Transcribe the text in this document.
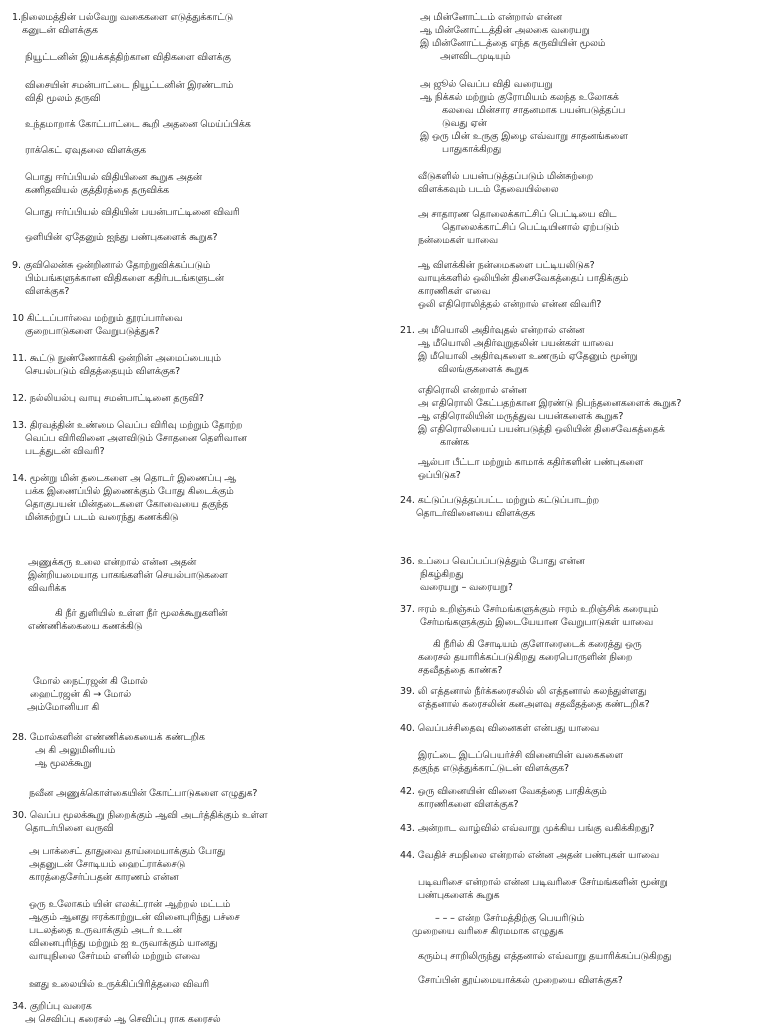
1.நிலைமத்தின் பல்வேறு வகைகளை எடுத்துக்காட்டு
கனுடன் விளக்குக
நியூட்டனின் இயக்கத்திற்கான விதிகளை விளக்கு
விசையின் சமன்பாட்டை நியூட்டனின் இரண்டாம்
விதி மூலம் தருவி
உந்தமாறாக் கோட்பாட்டை கூறி அதனை மெய்ப்பிக்க
ராக்கெட் ஏவுதலை விளக்குக
பொது ஈர்ப்பியல் விதியினை கூறுக அதன்
கணிதவியல் குத்திரத்தை தருவிக்க
பொது ஈர்ப்பியல் விதியின் பயன்பாட்டினை விவரி
ஒளியின் ஏதேனும் ஐந்து பண்புகளைக் கூறுக?
9. குவிலென்சு ஒன்றினால் தோற்றுவிக்கப்படும்
பிம்பங்களுக்கான விதிகளை கதிர்படங்களுடன்
விளக்குக?
10 கிட்டப்பார்வை மற்றும் தூரப்பார்வை
குறைபாடுகளை வேறுபடுத்துக?
11. கூட்டு நுண்ணோக்கி ஒன்றின் அமைப்பையும்
செயல்படும் விதத்தையும் விளக்குக?
12. நல்லியல்பு வாயு சமன்பாட்டினை தருவி?
13. திரவத்தின் உண்மை வெப்ப விரிவு மற்றும் தோற்ற
வெப்ப விரிவினை அளவிடும் சோதனை தெளிவான
படத்துடன் விவரி?
14. மூன்று மின் தடைகளை அ தொடர் இணைப்பு ஆ
பக்க இணைப்பில் இணைக்கும் போது கிடைக்கும்
தொகுபயன் மின்தடைகளை கோவையை தகுந்த
மின்சுற்றுப் படம் வரைந்து கணக்கிடு
அணுக்கரு உலை என்றால் என்ன அதன்
இன்றியமையாத பாகங்களின் செயல்பாடுகளை
விவரிக்க
கி நீர் துளியில் உள்ள நீர் மூலக்கூறுகளின்
எண்ணிக்கையை கணக்கிடு
மோல் நைட்ரஜன் கி மோல்
ஹைட்ரஜன் கி → மோல்
அம்மோனியா கி
28. மோல்களின் எண்ணிக்கையைக் கண்டறிக
அ கி அலுமினியம்
ஆ மூலக்கூறு
நவீன அணுக்கொள்கையின் கோட்பாடுகளை எழுதுக?
30. வெப்ப மூலக்கூறு நிறைக்கும் ஆவி அடர்த்திக்கும் உள்ள
தொடர்பினை வருவி
அ பாக்சைட் தாதுவை தாய்மையாக்கும் போது
அதனுடன் சோடியம் ஹைட்ராக்சைடு
காரத்தைசேர்ப்பதன் காரணம் என்ன
ஒரு உலோகம் யின் எலக்ட்ரான் ஆற்றல் மட்டம்
ஆகும் ஆனது ஈரக்காற்றுடன் வினைபுரிந்து பச்சை
படலத்தை உருவாக்கும் அடர் உடன்
வினைபுரிந்து மற்றும் ஐ உருவாக்கும் யானது
வாயுநிலை சேர்மம் எனில் மற்றும் எவை
ஊது உலையில் உருக்கிப்பிரித்தலை விவரி
34. குறிப்பு வரைக
அ செவிப்பு கரைசல் ஆ செவிப்பு ராக கரைசல்
அ மின்னோட்டம் என்றால் என்ன
ஆ மின்னோட்டத்தின் அலகை வரையறு
இ மின்னோட்டத்தை எந்த கருவியின் மூலம்
அளவிடமுடியும்
அ ஜூல் வெப்ப விதி வரையறு
ஆ நிக்கல் மற்றும் குரோமியம் கலந்த உலோகக்
கலவை மின்சார சாதனமாக பயன்படுத்தப்ப
டுவது ஏன்
இ ஒரு மின் உருகு இழை எவ்வாறு சாதனங்களை
பாதுகாக்கிறது
வீடுகளில் பயன்படுத்தப்படும் மின்சுற்றை
விளக்கவும் படம் தேவையில்லை
அ சாதாரண தொலைக்காட்சிப் பெட்டியை விட
தொலைக்காட்சிப் பெட்டியினால் ஏற்படும்
நன்மைகள் யாவை
ஆ விளக்கின் நன்மைகளை பட்டியலிடுக?
வாயுக்களில் ஒலியின் திசைவேகத்தைப் பாதிக்கும்
காரணிகள் எவை
ஒலி எதிரொலித்தல் என்றால் என்ன விவரி?
21. அ மீயொலி அதிர்வுதல் என்றால் என்ன
ஆ மீயொலி அதிர்வுறுதலின் பயன்கள் யாவை
இ மீயொலி அதிர்வுகளை உணரும் ஏதேனும் மூன்று
விலங்குகளைக் கூறுக
எதிரொலி என்றால் என்ன
அ எதிரொலி கேட்பதற்கான இரண்டு நிபந்தனைகளைக் கூறுக?
ஆ எதிரொலியின் மருத்துவ பயன்களைக் கூறுக?
இ எதிரொலியைப் பயன்படுத்தி ஒலியின் திசைவேகத்தைக்
காண்க
ஆல்பா பீட்டா மற்றும் காமாக் கதிர்களின் பண்புகளை
ஒப்பிடுக?
24. கட்டுப்படுத்தப்பட்ட மற்றும் கட்டுப்பாடற்ற
தொடர்வினையை விளக்குக
36. உப்பை வெப்பப்படுத்தும் போது என்ன
நிகழ்கிறது
வரையறு – வரையறு?
37. ஈரம் உறிஞ்சும் சேர்மங்களுக்கும் ஈரம் உறிஞ்சிக் கரையும்
சேர்மங்களுக்கும் இடையேயான வேறுபாடுகள் யாவை
கி நீரில் கி சோடியம் குளோரைடைக் கரைத்து ஒரு
கரைசல் தயாரிக்கப்படுகிறது கரைபொருளின் நிறை
சதவீதத்தை காண்க?
39. லி எத்தனால் நீர்க்கரைசலில் லி எத்தனால் கலந்துள்ளது
எத்தனால் கரைசலின் கனஅளவு சதவீதத்தை கண்டறிக?
40. வெப்பச்சிதைவு வினைகள் என்பது யாவை
இரட்டை இடப்பெயர்ச்சி வினையின் வகைகளை
தகுந்த எடுத்துக்காட்டுடன் விளக்குக?
42. ஒரு வினையின் வினை வேகத்தை பாதிக்கும்
காரணிகளை விளக்குக?
43. அன்றாட வாழ்வில் எவ்வாறு முக்கிய பங்கு வகிக்கிறது?
44. வேதிச் சமநிலை என்றால் என்ன அதன் பண்புகள் யாவை
படிவரிசை என்றால் என்ன படிவரிசை சேர்மங்களின் மூன்று
பண்புகளைக் கூறுக
– – – என்ற சேர்மத்திற்கு பெயரிடும்
முறையை வரிசை கிரமமாக எழுதுக
கரும்பு சாறிலிருந்து எத்தனால் எவ்வாறு தயாரிக்கப்படுகிறது
சோப்பின் தூய்மையாக்கல் முறையை விளக்குக?
